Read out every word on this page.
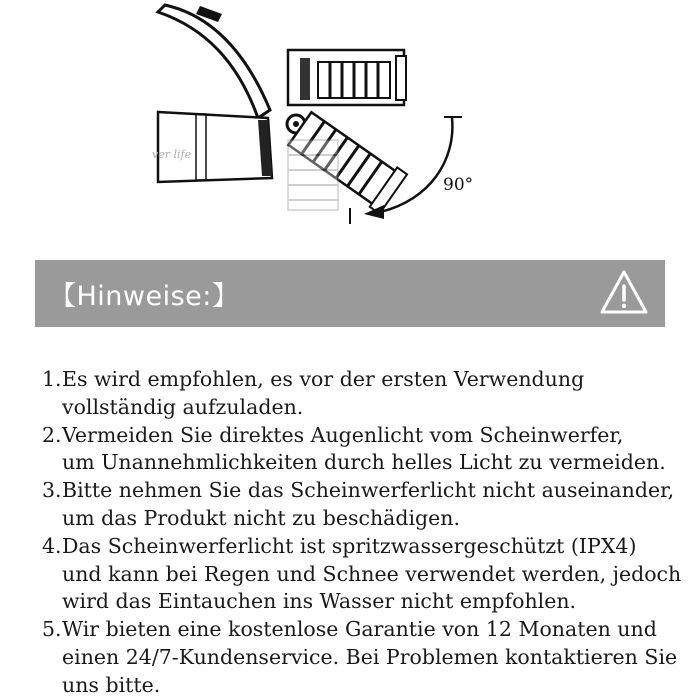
ver life
90°
【Hinweise:】
1. Es wird empfohlen, es vor der ersten Verwendung
vollständig aufzuladen.
2. Vermeiden Sie direktes Augenlicht vom Scheinwerfer,
um Unannehmlichkeiten durch helles Licht zu vermeiden.
3. Bitte nehmen Sie das Scheinwerferlicht nicht auseinander,
um das Produkt nicht zu beschädigen.
4. Das Scheinwerferlicht ist spritzwassergeschützt (IPX4)
und kann bei Regen und Schnee verwendet werden, jedoch
wird das Eintauchen ins Wasser nicht empfohlen.
5. Wir bieten eine kostenlose Garantie von 12 Monaten und
einen 24/7-Kundenservice. Bei Problemen kontaktieren Sie
uns bitte.
